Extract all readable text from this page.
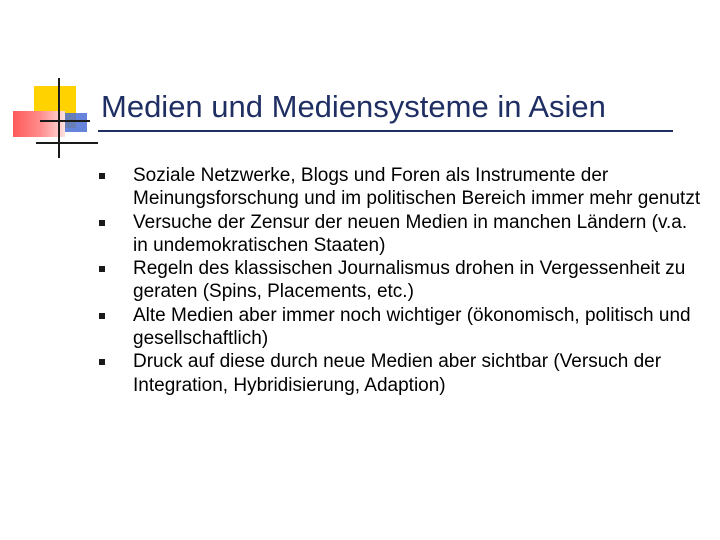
Medien und Mediensysteme in Asien
Soziale Netzwerke, Blogs und Foren als Instrumente der Meinungsforschung und im politischen Bereich immer mehr genutzt
Versuche der Zensur der neuen Medien in manchen Ländern (v.a. in undemokratischen Staaten)
Regeln des klassischen Journalismus drohen in Vergessenheit zu geraten (Spins, Placements, etc.)
Alte Medien aber immer noch wichtiger (ökonomisch, politisch und gesellschaftlich)
Druck auf diese durch neue Medien aber sichtbar (Versuch der Integration, Hybridisierung, Adaption)
